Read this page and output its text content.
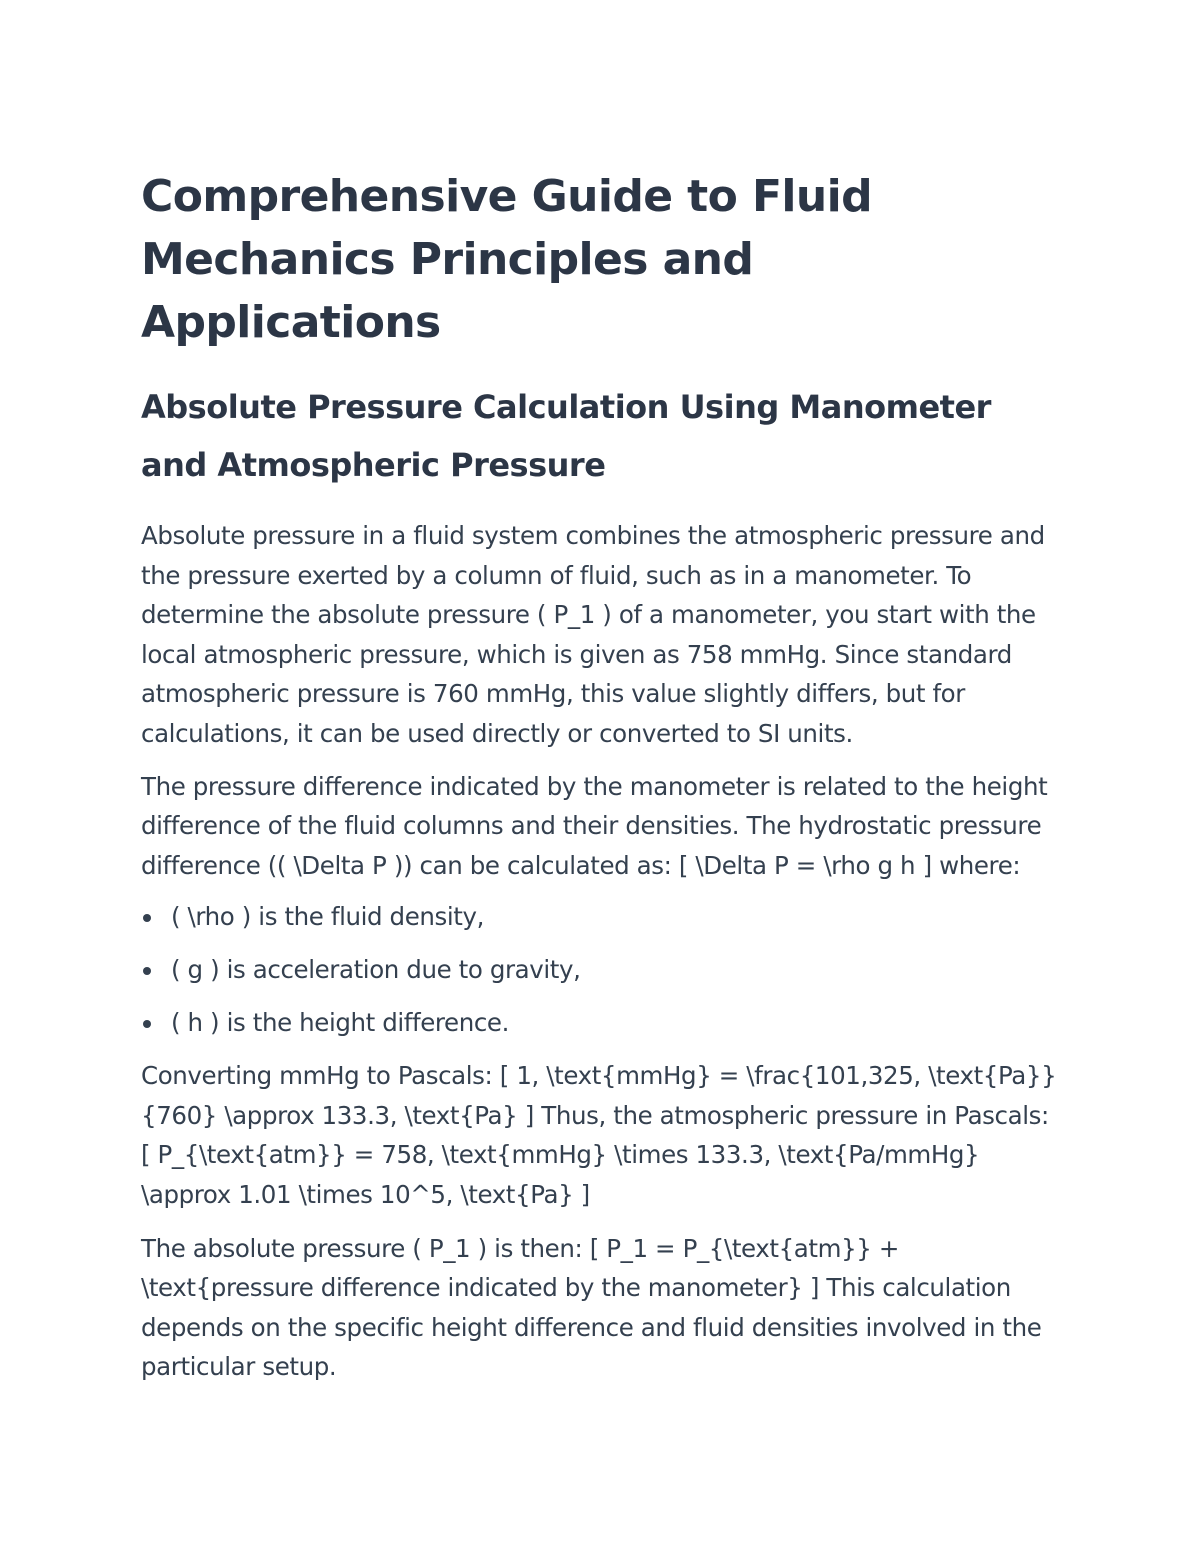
Comprehensive Guide to Fluid Mechanics Principles and Applications
Absolute Pressure Calculation Using Manometer and Atmospheric Pressure

Absolute pressure in a fluid system combines the atmospheric pressure and the pressure exerted by a column of fluid, such as in a manometer. To determine the absolute pressure ( P_1 ) of a manometer, you start with the local atmospheric pressure, which is given as 758 mmHg. Since standard atmospheric pressure is 760 mmHg, this value slightly differs, but for calculations, it can be used directly or converted to SI units.

The pressure difference indicated by the manometer is related to the height difference of the fluid columns and their densities. The hydrostatic pressure difference (( \Delta P )) can be calculated as: [ \Delta P = \rho g h ] where:

( \rho ) is the fluid density,
( g ) is acceleration due to gravity,
( h ) is the height difference.

Converting mmHg to Pascals: [ 1, \text{mmHg} = \frac{101,325, \text{Pa}}{760} \approx 133.3, \text{Pa} ] Thus, the atmospheric pressure in Pascals: [ P_{\text{atm}} = 758, \text{mmHg} \times 133.3, \text{Pa/mmHg} \approx 1.01 \times 10^5, \text{Pa} ]

The absolute pressure ( P_1 ) is then: [ P_1 = P_{\text{atm}} + \text{pressure difference indicated by the manometer} ] This calculation depends on the specific height difference and fluid densities involved in the particular setup.
